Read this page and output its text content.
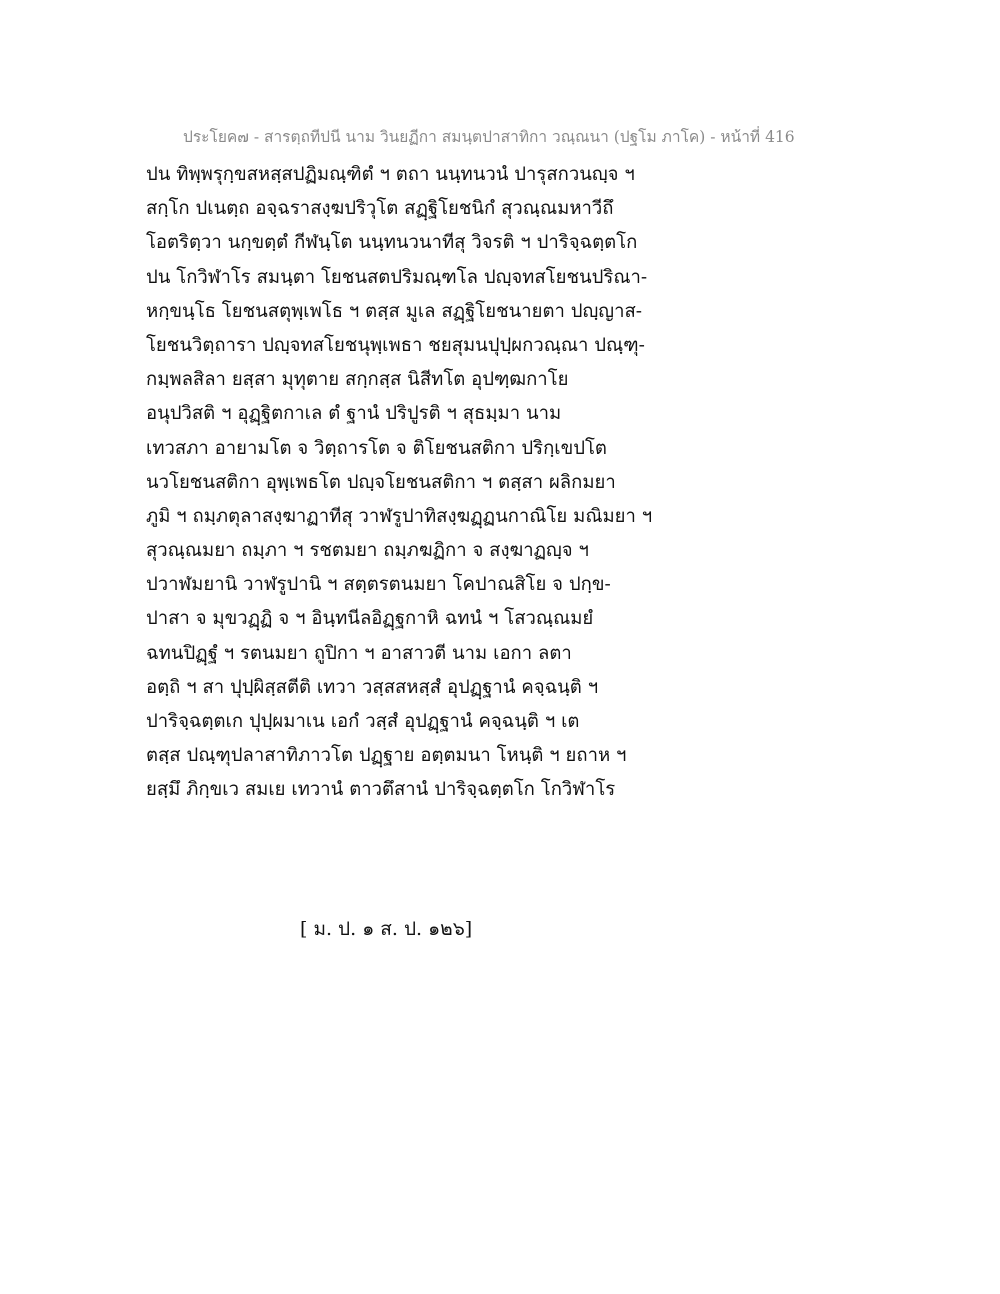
ประโยค๗ - สารตฺถทีปนี นาม วินยฏีกา สมนฺตปาสาทิกา วณฺณนา (ปฐโม ภาโค) - หน้าที่ 416
ปน ทิพฺพรุกฺขสหสฺสปฏิมณฺฑิตํ ฯ ตถา นนฺทนวนํ ปารุสกวนญฺจ ฯ
สกฺโก ปเนตฺถ อจฺฉราสงฺฆปริวุโต สฏฺฐิโยชนิกํ สุวณฺณมหาวีถึ
โอตริตฺวา นกฺขตฺตํ กีฬนฺโต นนฺทนวนาทีสุ วิจรติ ฯ ปาริจฺฉตฺตโก
ปน โกวิฬาโร สมนฺตา โยชนสตปริมณฺฑโล ปญฺจทสโยชนปริณา-
หกฺขนฺโธ โยชนสตุพฺเพโธ ฯ ตสฺส มูเล สฏฺฐิโยชนายตา ปญฺญาส-
โยชนวิตฺถารา ปญฺจทสโยชนุพฺเพธา ชยสุมนปุปฺผกวณฺณา ปณฺฑุ-
กมฺพลสิลา ยสฺสา มุทุตาย สกฺกสฺส นิสีทโต อุปฑฺฒกาโย
อนุปวิสติ ฯ อุฏฺฐิตกาเล ตํ ฐานํ ปริปูรติ ฯ สุธมฺมา นาม
เทวสภา อายามโต จ วิตฺถารโต จ ติโยชนสติกา ปริกฺเขปโต
นวโยชนสติกา อุพฺเพธโต ปญฺจโยชนสติกา ฯ ตสฺสา ผลิกมยา
ภูมิ ฯ ถมฺภตุลาสงฺฆาฏาทีสุ วาฬรูปาทิสงฺฆฏฺฏนกาณิโย มณิมยา ฯ
สุวณฺณมยา ถมฺภา ฯ รชตมยา ถมฺภฆฏิกา จ สงฺฆาฏญฺจ ฯ
ปวาฬมยานิ วาฬรูปานิ ฯ สตฺตรตนมยา โคปาณสิโย จ ปกฺข-
ปาสา จ มุขวฏฺฏิ จ ฯ อินฺทนีลอิฏฺฐกาหิ ฉทนํ ฯ โสวณฺณมยํ
ฉทนปิฏฺฐํ ฯ รตนมยา ถูปิกา ฯ อาสาวตี นาม เอกา ลตา
อตฺถิ ฯ สา ปุปฺผิสฺสตีติ เทวา วสฺสสหสฺสํ อุปฏฺฐานํ คจฺฉนฺติ ฯ
ปาริจฺฉตฺตเก ปุปฺผมาเน เอกํ วสฺสํ อุปฏฺฐานํ คจฺฉนฺติ ฯ เต
ตสฺส ปณฺฑุปลาสาทิภาวโต ปฏฺฐาย อตฺตมนา โหนฺติ ฯ ยถาห ฯ
ยสฺมึ ภิกฺขเว สมเย เทวานํ ตาวตึสานํ ปาริจฺฉตฺตโก โกวิฬาโร
[ ม. ป. ๑ ส. ป. ๑๒๖]
